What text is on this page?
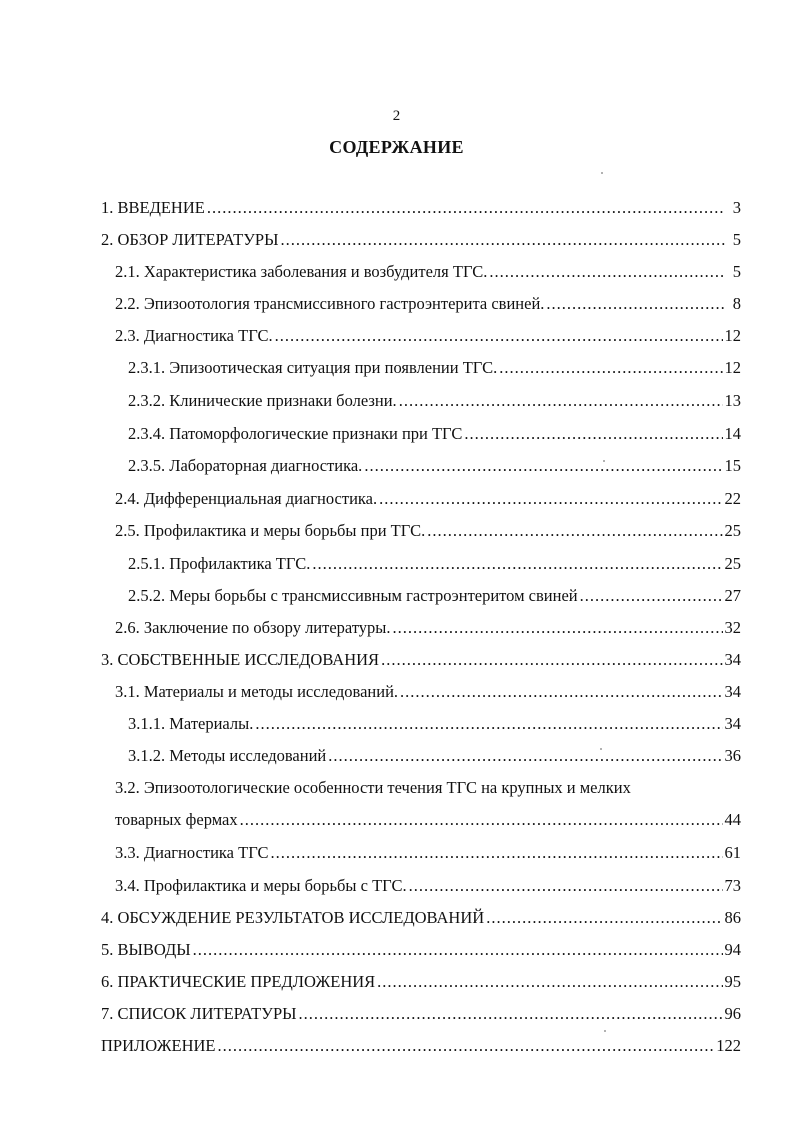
2
СОДЕРЖАНИЕ
1. ВВЕДЕНИЕ .....	3
2. ОБЗОР ЛИТЕРАТУРЫ .....	5
2.1. Характеристика заболевания и возбудителя ТГС. .....	5
2.2. Эпизоотология трансмиссивного гастроэнтерита свиней. .....	8
2.3. Диагностика ТГС. .....	12
2.3.1. Эпизоотическая ситуация при появлении ТГС. .....	12
2.3.2. Клинические признаки болезни. .....	13
2.3.4. Патоморфологические признаки при ТГС .....	14
2.3.5. Лабораторная диагностика. .....	15
2.4. Дифференциальная диагностика. .....	22
2.5. Профилактика и меры борьбы при ТГС. .....	25
2.5.1. Профилактика ТГС. .....	25
2.5.2. Меры борьбы с трансмиссивным гастроэнтеритом свиней .....	27
2.6. Заключение по обзору литературы. .....	32
3. СОБСТВЕННЫЕ ИССЛЕДОВАНИЯ .....	34
3.1. Материалы и методы исследований. .....	34
3.1.1. Материалы. .....	34
3.1.2. Методы исследований .....	36
3.2. Эпизоотологические особенности течения ТГС на крупных и мелких
товарных фермах .....	44
3.3. Диагностика ТГС .....	61
3.4. Профилактика и меры борьбы с ТГС. .....	73
4. ОБСУЖДЕНИЕ РЕЗУЛЬТАТОВ ИССЛЕДОВАНИЙ .....	86
5. ВЫВОДЫ .....	94
6. ПРАКТИЧЕСКИЕ ПРЕДЛОЖЕНИЯ .....	95
7. СПИСОК ЛИТЕРАТУРЫ .....	96
ПРИЛОЖЕНИЕ .....	122
